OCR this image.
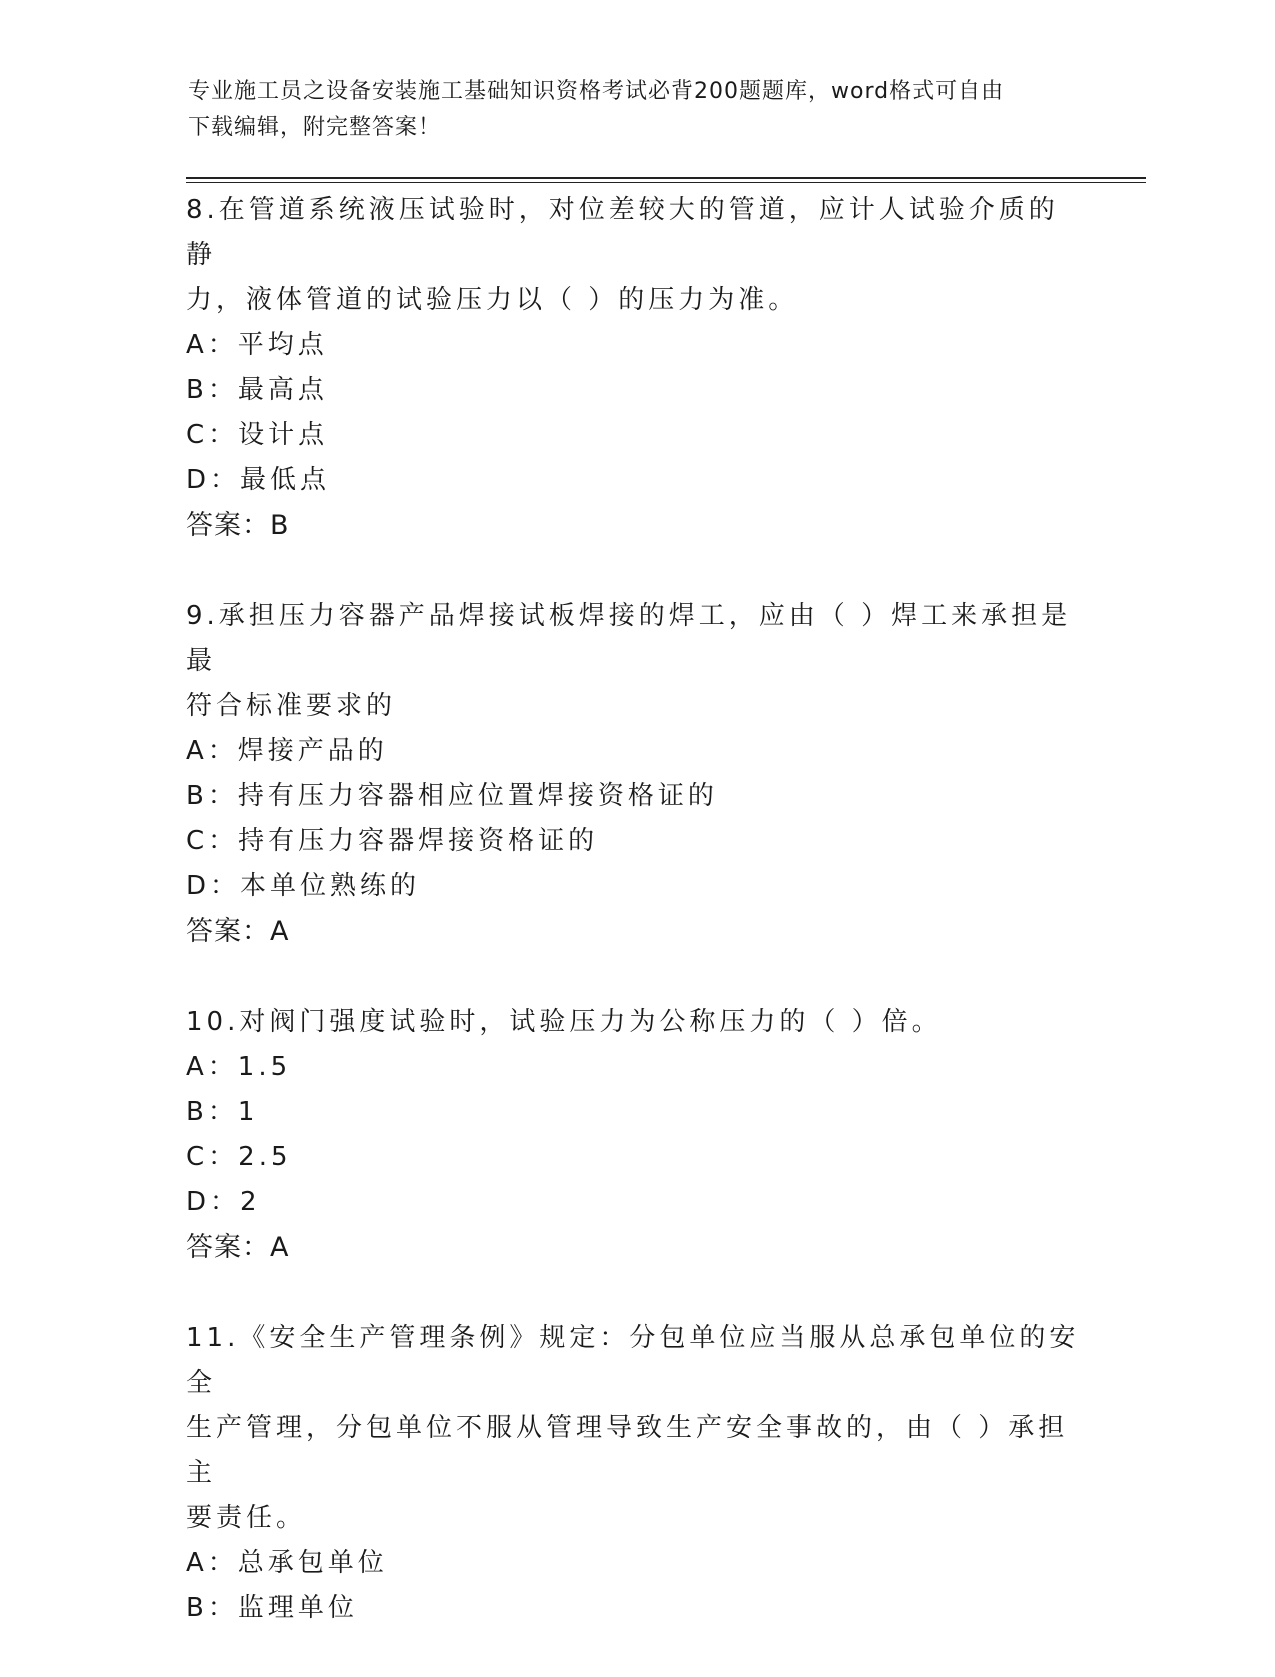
专业施工员之设备安装施工基础知识资格考试必背200题题库，word格式可自由
下载编辑，附完整答案！
8.在管道系统液压试验时，对位差较大的管道，应计人试验介质的静
力，液体管道的试验压力以（ ）的压力为准。
A：平均点
B：最高点
C：设计点
D：最低点
答案：B
9.承担压力容器产品焊接试板焊接的焊工，应由（ ）焊工来承担是最
符合标准要求的
A：焊接产品的
B：持有压力容器相应位置焊接资格证的
C：持有压力容器焊接资格证的
D：本单位熟练的
答案：A
10.对阀门强度试验时，试验压力为公称压力的（ ）倍。
A：1.5
B：1
C：2.5
D：2
答案：A
11.《安全生产管理条例》规定：分包单位应当服从总承包单位的安全
生产管理，分包单位不服从管理导致生产安全事故的，由（ ）承担主
要责任。
A：总承包单位
B：监理单位
